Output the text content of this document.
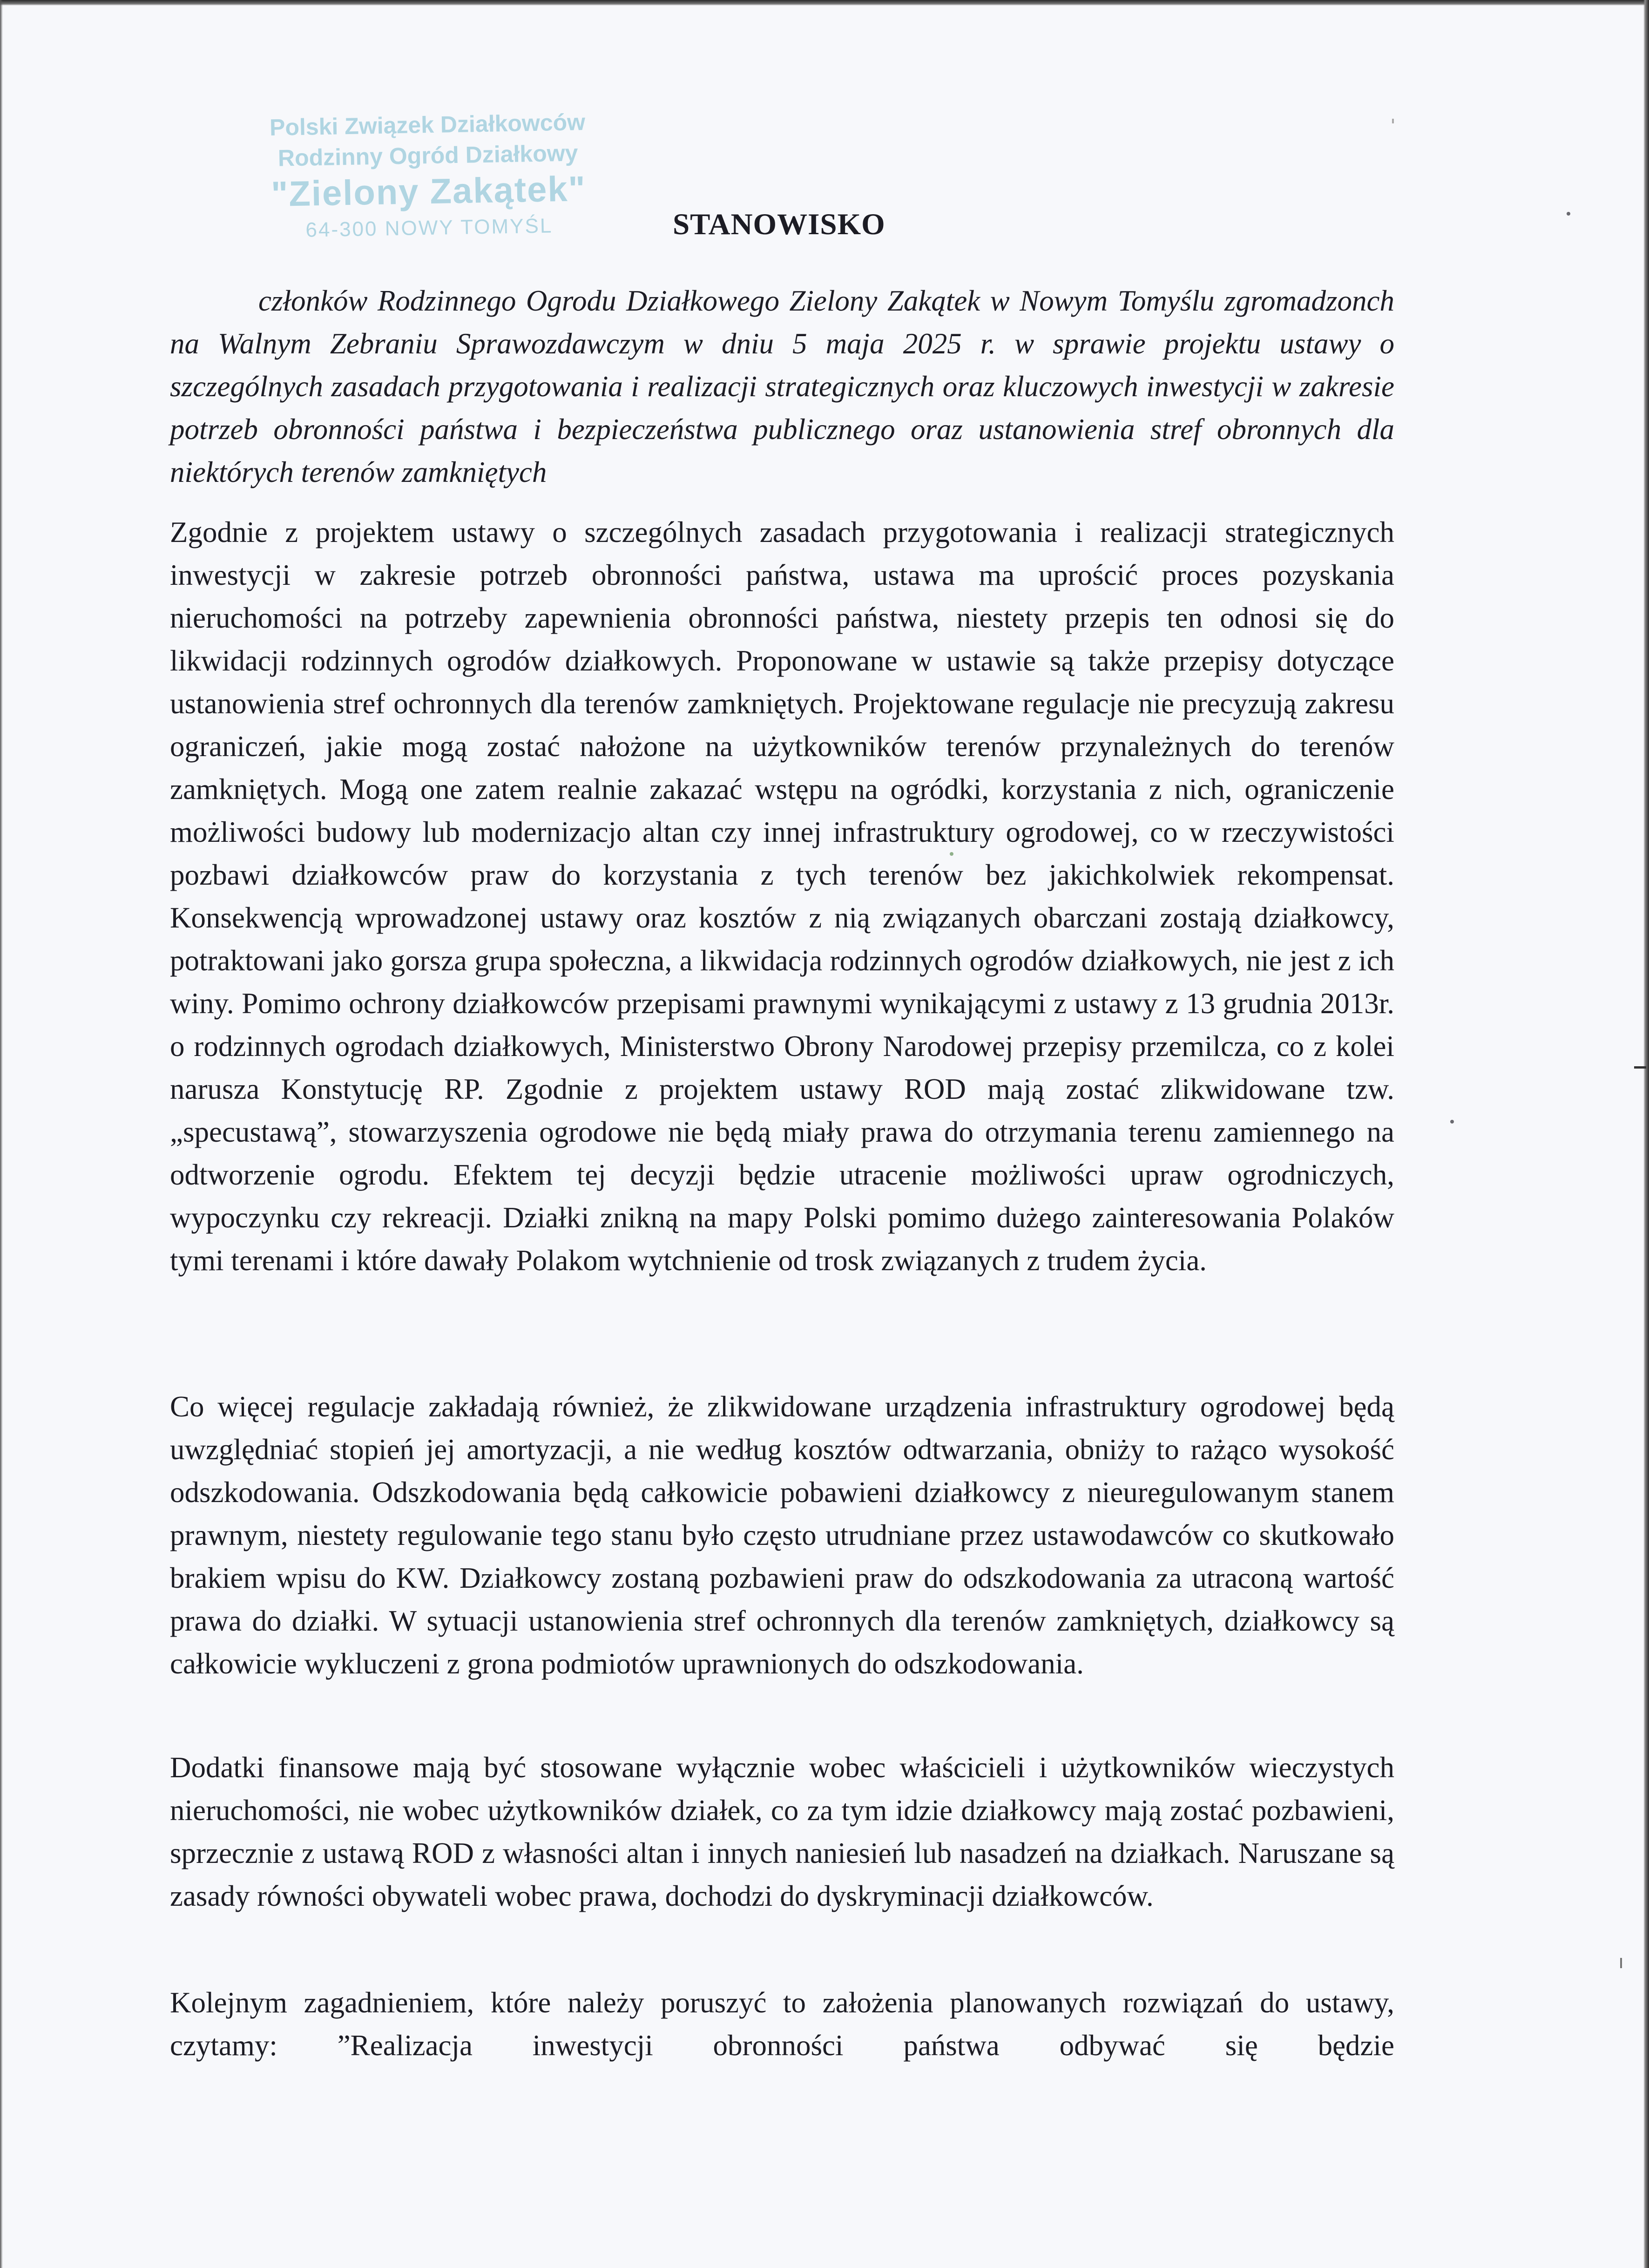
Polski Związek Działkowców
Rodzinny Ogród Działkowy
"Zielony Zakątek"
64-300 NOWY TOMYŚL	STANOWISKO
członków Rodzinnego Ogrodu Działkowego Zielony Zakątek w Nowym Tomyślu zgromadzonch na Walnym Zebraniu Sprawozdawczym w dniu 5 maja 2025 r. w sprawie projektu ustawy o szczególnych zasadach przygotowania i realizacji strategicznych oraz kluczowych inwestycji w zakresie potrzeb obronności państwa i bezpieczeństwa publicznego oraz ustanowienia stref obronnych dla niektórych terenów zamkniętych
Zgodnie z projektem ustawy o szczególnych zasadach przygotowania i realizacji strategicznych inwestycji w zakresie potrzeb obronności państwa, ustawa ma uprościć proces pozyskania nieruchomości na potrzeby zapewnienia obronności państwa, niestety przepis ten odnosi się do likwidacji rodzinnych ogrodów działkowych. Proponowane w ustawie są także przepisy dotyczące ustanowienia stref ochronnych dla terenów zamkniętych. Projektowane regulacje nie precyzują zakresu ograniczeń, jakie mogą zostać nałożone na użytkowników terenów przynależnych do terenów zamkniętych. Mogą one zatem realnie zakazać wstępu na ogródki, korzystania z nich, ograniczenie możliwości budowy lub modernizacjo altan czy innej infrastruktury ogrodowej, co w rzeczywistości pozbawi działkowców praw do korzystania z tych terenów bez jakichkolwiek rekompensat. Konsekwencją wprowadzonej ustawy oraz kosztów z nią związanych obarczani zostają działkowcy, potraktowani jako gorsza grupa społeczna, a likwidacja rodzinnych ogrodów działkowych, nie jest z ich winy. Pomimo ochrony działkowców przepisami prawnymi wynikającymi z ustawy z 13 grudnia 2013r. o rodzinnych ogrodach działkowych, Ministerstwo Obrony Narodowej przepisy przemilcza, co z kolei narusza Konstytucję RP. Zgodnie z projektem ustawy ROD mają zostać zlikwidowane tzw. „specustawą”, stowarzyszenia ogrodowe nie będą miały prawa do otrzymania terenu zamiennego na odtworzenie ogrodu. Efektem tej decyzji będzie utracenie możliwości upraw ogrodniczych, wypoczynku czy rekreacji. Działki znikną na mapy Polski pomimo dużego zainteresowania Polaków tymi terenami i które dawały Polakom wytchnienie od trosk związanych z trudem życia.
Co więcej regulacje zakładają również, że zlikwidowane urządzenia infrastruktury ogrodowej będą uwzględniać stopień jej amortyzacji, a nie według kosztów odtwarzania, obniży to rażąco wysokość odszkodowania. Odszkodowania będą całkowicie pobawieni działkowcy z nieuregulowanym stanem prawnym, niestety regulowanie tego stanu było często utrudniane przez ustawodawców co skutkowało brakiem wpisu do KW. Działkowcy zostaną pozbawieni praw do odszkodowania za utraconą wartość prawa do działki. W sytuacji ustanowienia stref ochronnych dla terenów zamkniętych, działkowcy są całkowicie wykluczeni z grona podmiotów uprawnionych do odszkodowania.
Dodatki finansowe mają być stosowane wyłącznie wobec właścicieli i użytkowników wieczystych nieruchomości, nie wobec użytkowników działek, co za tym idzie działkowcy mają zostać pozbawieni, sprzecznie z ustawą ROD z własności altan i innych naniesień lub nasadzeń na działkach. Naruszane są zasady równości obywateli wobec prawa, dochodzi do dyskryminacji działkowców.
Kolejnym zagadnieniem, które należy poruszyć to założenia planowanych rozwiązań do ustawy, czytamy: ”Realizacja inwestycji obronności państwa odbywać się będzie
